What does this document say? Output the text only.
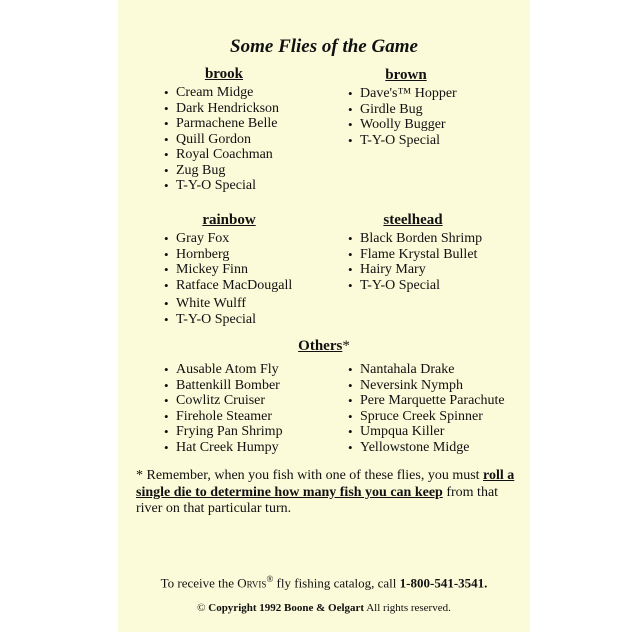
Some Flies of the Game
brook
• Cream Midge
• Dark Hendrickson
• Parmachene Belle
• Quill Gordon
• Royal Coachman
• Zug Bug
• T-Y-O Special
brown
• Dave's™ Hopper
• Girdle Bug
• Woolly Bugger
• T-Y-O Special
rainbow
• Gray Fox
• Hornberg
• Mickey Finn
• Ratface MacDougall
• White Wulff
• T-Y-O Special
steelhead
• Black Borden Shrimp
• Flame Krystal Bullet
• Hairy Mary
• T-Y-O Special
Others*
• Ausable Atom Fly
• Battenkill Bomber
• Cowlitz Cruiser
• Firehole Steamer
• Frying Pan Shrimp
• Hat Creek Humpy
• Nantahala Drake
• Neversink Nymph
• Pere Marquette Parachute
• Spruce Creek Spinner
• Umpqua Killer
• Yellowstone Midge
* Remember, when you fish with one of these flies, you must roll a single die to determine how many fish you can keep from that river on that particular turn.
To receive the Orvis® fly fishing catalog, call 1-800-541-3541.
© Copyright 1992 Boone & Oelgart All rights reserved.
